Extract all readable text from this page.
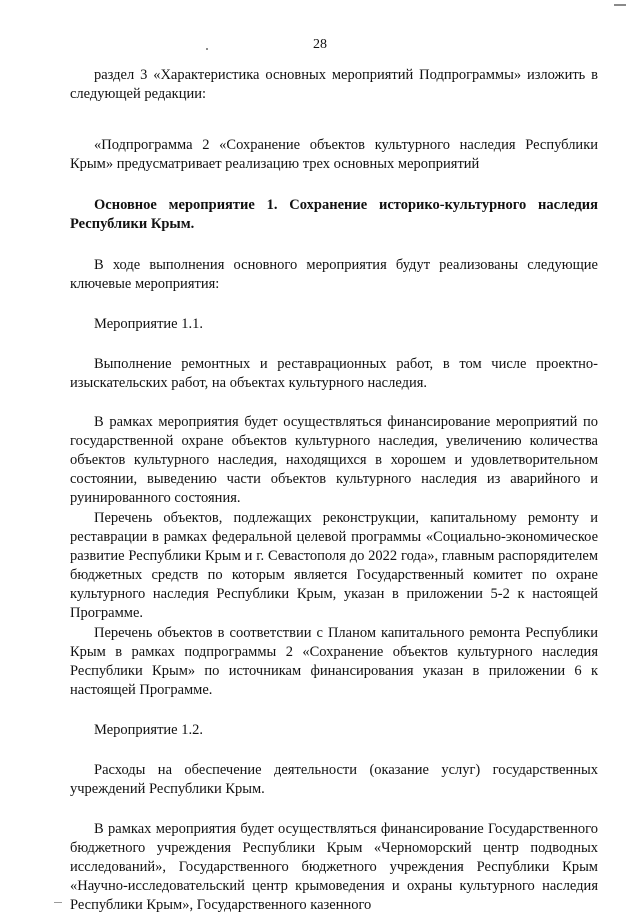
28

раздел 3 «Характеристика основных мероприятий Подпрограммы» изложить в следующей редакции:

«Подпрограмма 2 «Сохранение объектов культурного наследия Республики Крым» предусматривает реализацию трех основных мероприятий

Основное мероприятие 1. Сохранение историко-культурного наследия Республики Крым.

В ходе выполнения основного мероприятия будут реализованы следующие ключевые мероприятия:

Мероприятие 1.1.

Выполнение ремонтных и реставрационных работ, в том числе проектно-изыскательских работ, на объектах культурного наследия.

В рамках мероприятия будет осуществляться финансирование мероприятий по государственной охране объектов культурного наследия, увеличению количества объектов культурного наследия, находящихся в хорошем и удовлетворительном состоянии, выведению части объектов культурного наследия из аварийного и руинированного состояния.

Перечень объектов, подлежащих реконструкции, капитальному ремонту и реставрации в рамках федеральной целевой программы «Социально-экономическое развитие Республики Крым и г. Севастополя до 2022 года», главным распорядителем бюджетных средств по которым является Государственный комитет по охране культурного наследия Республики Крым, указан в приложении 5-2 к настоящей Программе.

Перечень объектов в соответствии с Планом капитального ремонта Республики Крым в рамках подпрограммы 2 «Сохранение объектов культурного наследия Республики Крым» по источникам финансирования указан в приложении 6 к настоящей Программе.

Мероприятие 1.2.

Расходы на обеспечение деятельности (оказание услуг) государственных учреждений Республики Крым.

В рамках мероприятия будет осуществляться финансирование Государственного бюджетного учреждения Республики Крым «Черноморский центр подводных исследований», Государственного бюджетного учреждения Республики Крым «Научно-исследовательский центр крымоведения и охраны культурного наследия Республики Крым», Государственного казенного
